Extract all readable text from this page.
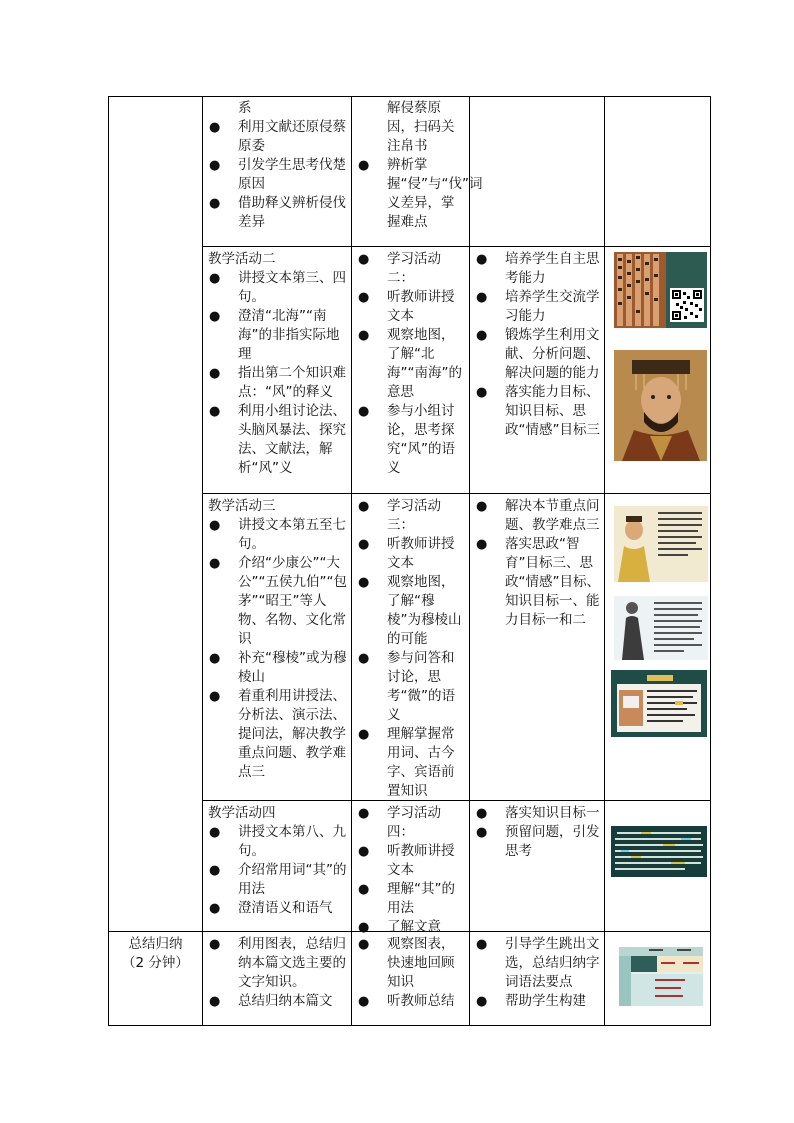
系
● 利用文献还原侵蔡原委
● 引发学生思考伐楚原因
● 借助释义辨析侵伐差异
解侵蔡原因，扫码关注帛书
● 辨析掌握“侵”与“伐”词义差异，掌握难点
教学活动二
● 讲授文本第三、四句。
● 澄清“北海”“南海”的非指实际地理
● 指出第二个知识难点：“风”的释义
● 利用小组讨论法、头脑风暴法、探究法、文献法，解析“风”义
● 学习活动二：
● 听教师讲授文本
● 观察地图，了解“北海”“南海”的意思
● 参与小组讨论，思考探究“风”的语义
● 培养学生自主思考能力
● 培养学生交流学习能力
● 锻炼学生利用文献、分析问题、解决问题的能力
● 落实能力目标、知识目标、思政“情感”目标三
教学活动三
● 讲授文本第五至七句。
● 介绍“少康公”“大公”“五侯九伯”“包茅”“昭王”等人物、名物、文化常识
● 补充“穆棱”或为穆棱山
● 着重利用讲授法、分析法、演示法、提问法，解决教学重点问题、教学难点三
● 学习活动三：
● 听教师讲授文本
● 观察地图，了解“穆棱”为穆棱山的可能
● 参与问答和讨论，思考“微”的语义
● 理解掌握常用词、古今字、宾语前置知识
● 解决本节重点问题、教学难点三
● 落实思政“智育”目标三、思政“情感”目标、知识目标一、能力目标一和二
教学活动四
● 讲授文本第八、九句。
● 介绍常用词“其”的用法
● 澄清语义和语气
● 学习活动四：
● 听教师讲授文本
● 理解“其”的用法
● 了解文意
● 落实知识目标一
● 预留问题，引发思考
总结归纳
（2 分钟）
● 利用图表，总结归纳本篇文选主要的文字知识。
● 总结归纳本篇文
● 观察图表，快速地回顾知识
● 听教师总结
● 引导学生跳出文选，总结归纳字词语法要点
● 帮助学生构建
